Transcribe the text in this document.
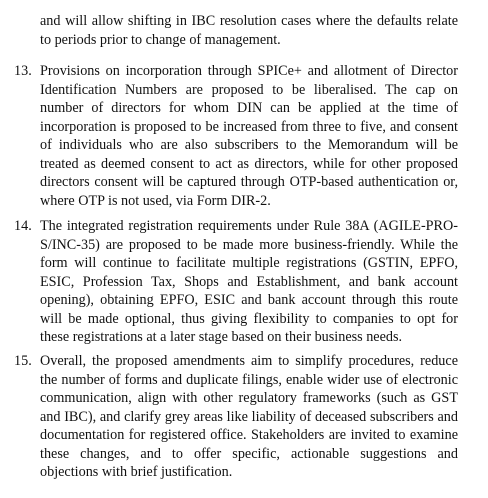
and will allow shifting in IBC resolution cases where the defaults relate to periods prior to change of management.

13. Provisions on incorporation through SPICe+ and allotment of Director Identification Numbers are proposed to be liberalised. The cap on number of directors for whom DIN can be applied at the time of incorporation is proposed to be increased from three to five, and consent of individuals who are also subscribers to the Memorandum will be treated as deemed consent to act as directors, while for other proposed directors consent will be captured through OTP-based authentication or, where OTP is not used, via Form DIR-2.

14. The integrated registration requirements under Rule 38A (AGILE-PRO-S/INC-35) are proposed to be made more business-friendly. While the form will continue to facilitate multiple registrations (GSTIN, EPFO, ESIC, Profession Tax, Shops and Establishment, and bank account opening), obtaining EPFO, ESIC and bank account through this route will be made optional, thus giving flexibility to companies to opt for these registrations at a later stage based on their business needs.

15. Overall, the proposed amendments aim to simplify procedures, reduce the number of forms and duplicate filings, enable wider use of electronic communication, align with other regulatory frameworks (such as GST and IBC), and clarify grey areas like liability of deceased subscribers and documentation for registered office. Stakeholders are invited to examine these changes, and to offer specific, actionable suggestions and objections with brief justification.
